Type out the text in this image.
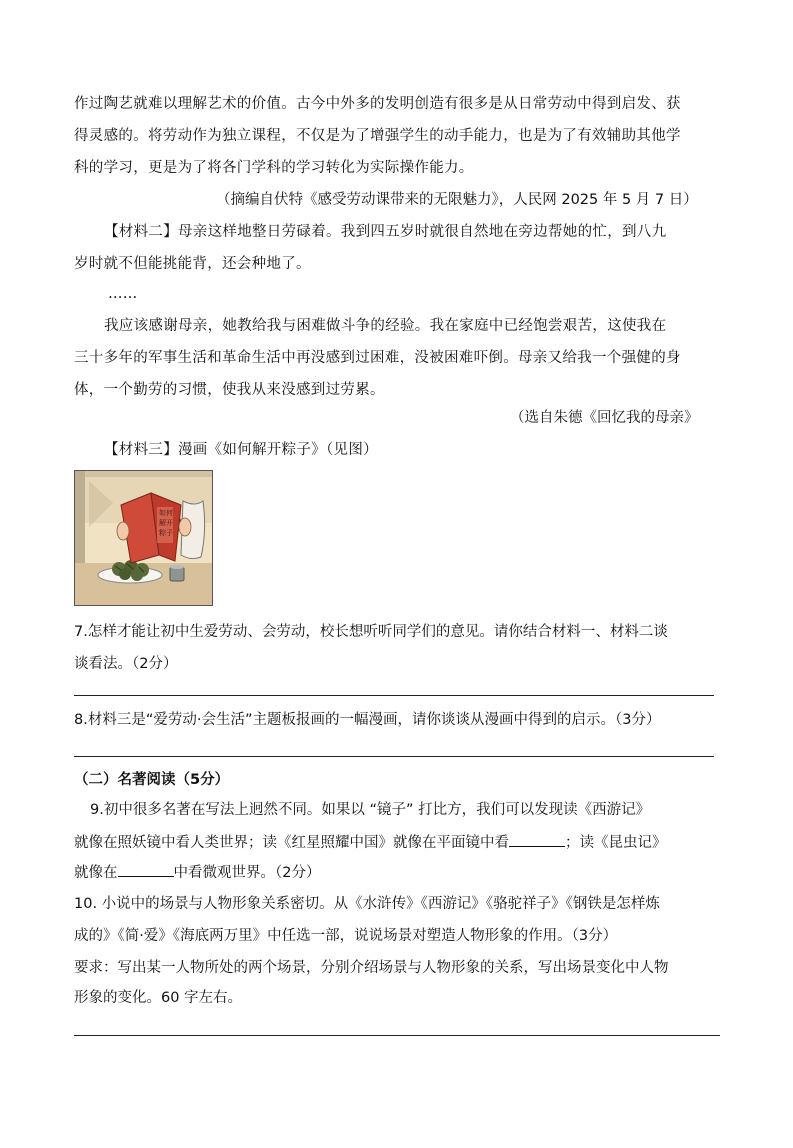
作过陶艺就难以理解艺术的价值。古今中外多的发明创造有很多是从日常劳动中得到启发、获
得灵感的。将劳动作为独立课程，不仅是为了增强学生的动手能力，也是为了有效辅助其他学
科的学习，更是为了将各门学科的学习转化为实际操作能力。
（摘编自伏特《感受劳动课带来的无限魅力》，人民网 2025 年 5 月 7 日）
【材料二】母亲这样地整日劳碌着。我到四五岁时就很自然地在旁边帮她的忙，到八九
岁时就不但能挑能背，还会种地了。
……
我应该感谢母亲，她教给我与困难做斗争的经验。我在家庭中已经饱尝艰苦，这使我在
三十多年的军事生活和革命生活中再没感到过困难，没被困难吓倒。母亲又给我一个强健的身
体，一个勤劳的习惯，使我从来没感到过劳累。
（选自朱德《回忆我的母亲》
【材料三】漫画《如何解开粽子》（见图）
如何
解开
粽子
7.怎样才能让初中生爱劳动、会劳动，校长想听听同学们的意见。请你结合材料一、材料二谈
谈看法。（2分）
8.材料三是“爱劳动·会生活”主题板报画的一幅漫画，请你谈谈从漫画中得到的启示。（3分）
（二）名著阅读（5分）
9.初中很多名著在写法上迥然不同。如果以 “镜子” 打比方，我们可以发现读《西游记》
就像在照妖镜中看人类世界；读《红星照耀中国》就像在平面镜中看	；读《昆虫记》
就像在	中看微观世界。（2分）
10. 小说中的场景与人物形象关系密切。从《水浒传》《西游记》《骆驼祥子》《钢铁是怎样炼
成的》《简·爱》《海底两万里》中任选一部，说说场景对塑造人物形象的作用。（3分）
要求：写出某一人物所处的两个场景，分别介绍场景与人物形象的关系，写出场景变化中人物
形象的变化。60 字左右。
